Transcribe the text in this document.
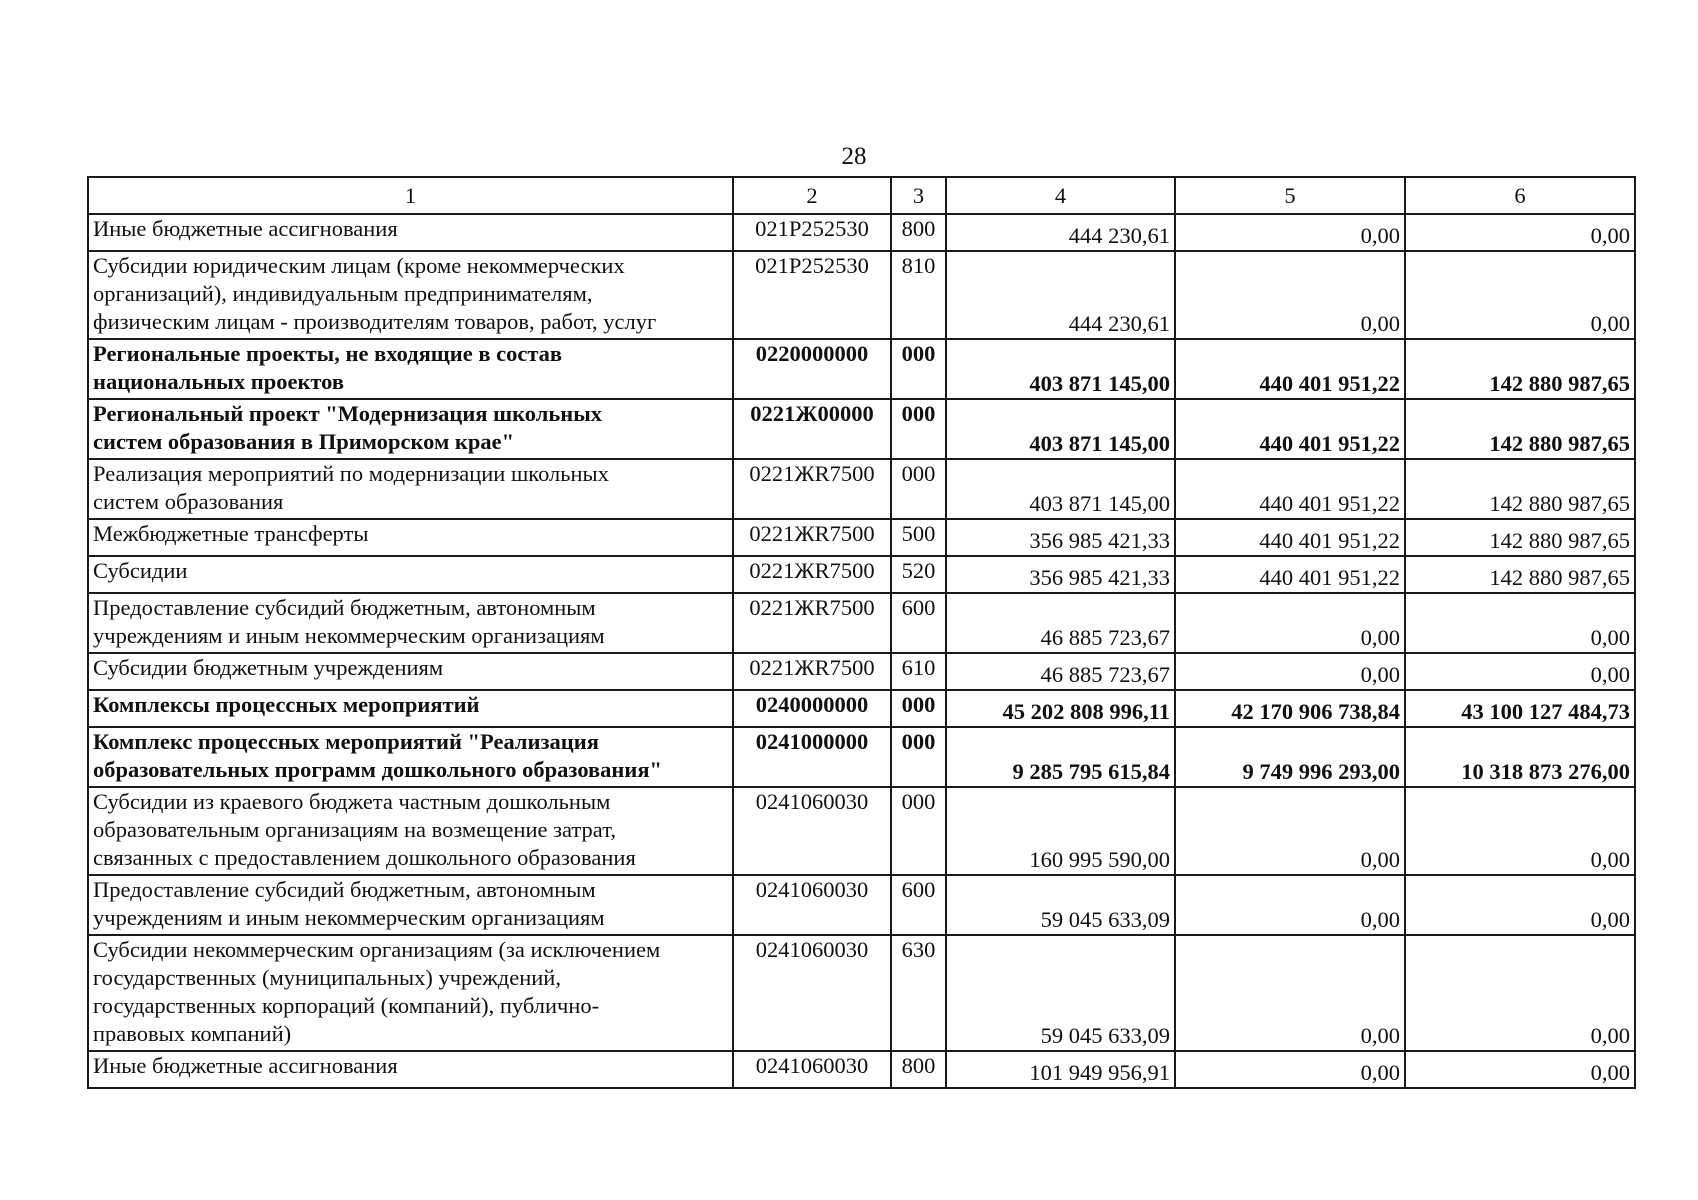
28
1	2	3	4	5	6

Иные бюджетные ассигнования	021P252530	800	444 230,61	0,00	0,00

Субсидии юридическим лицам (кроме некоммерческих
организаций), индивидуальным предпринимателям,
физическим лицам - производителям товаров, работ, услуг	021P252530	810	444 230,61	0,00	0,00

Региональные проекты, не входящие в состав
национальных проектов	0220000000	000	403 871 145,00	440 401 951,22	142 880 987,65

Региональный проект "Модернизация школьных
систем образования в Приморском крае"	0221Ж00000	000	403 871 145,00	440 401 951,22	142 880 987,65

Реализация мероприятий по модернизации школьных
систем образования	0221ЖR7500	000	403 871 145,00	440 401 951,22	142 880 987,65

Межбюджетные трансферты	0221ЖR7500	500	356 985 421,33	440 401 951,22	142 880 987,65

Субсидии	0221ЖR7500	520	356 985 421,33	440 401 951,22	142 880 987,65

Предоставление субсидий бюджетным, автономным
учреждениям и иным некоммерческим организациям	0221ЖR7500	600	46 885 723,67	0,00	0,00

Субсидии бюджетным учреждениям	0221ЖR7500	610	46 885 723,67	0,00	0,00

Комплексы процессных мероприятий	0240000000	000	45 202 808 996,11	42 170 906 738,84	43 100 127 484,73

Комплекс процессных мероприятий "Реализация
образовательных программ дошкольного образования"	0241000000	000	9 285 795 615,84	9 749 996 293,00	10 318 873 276,00

Субсидии из краевого бюджета частным дошкольным
образовательным организациям на возмещение затрат,
связанных с предоставлением дошкольного образования	0241060030	000	160 995 590,00	0,00	0,00

Предоставление субсидий бюджетным, автономным
учреждениям и иным некоммерческим организациям	0241060030	600	59 045 633,09	0,00	0,00

Субсидии некоммерческим организациям (за исключением
государственных (муниципальных) учреждений,
государственных корпораций (компаний), публично-
правовых компаний)	0241060030	630	59 045 633,09	0,00	0,00

Иные бюджетные ассигнования	0241060030	800	101 949 956,91	0,00	0,00
